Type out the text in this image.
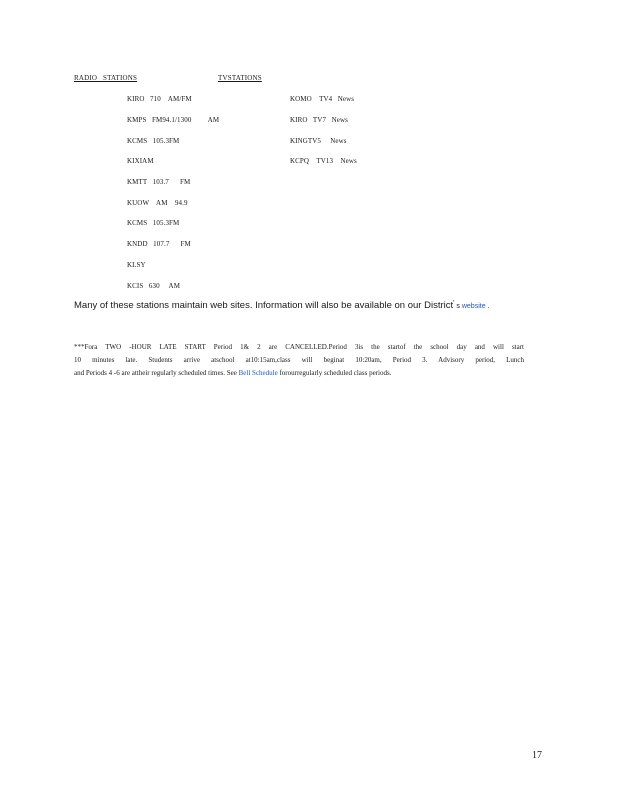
RADIO   STATIONS	TVSTATIONS
KIRO   710    AM/FM
KMPS   FM94.1/1300         AM
KCMS   105.3FM
KIXIAM
KMTT   103.7      FM
KUOW    AM    94.9
KCMS   105.3FM
KNDD   107.7      FM
KLSY
KCIS   630     AM
KOMO    TV4   News
KIRO   TV7   News
KINGTV5     News
KCPQ    TV13    News
Many of these stations maintain web sites. Information will also be available on our District' s website .
***Fora TWO -HOUR LATE START Period 1& 2 are CANCELLED.Period 3is the startof the school day and will start
10 minutes late. Students arrive atschool at10:15am,class will beginat 10:20am, Period 3. Advisory period, Lunch
and Periods 4 -6 are attheir regularly scheduled times. See Bell Schedule forourregularly scheduled class periods.
17
